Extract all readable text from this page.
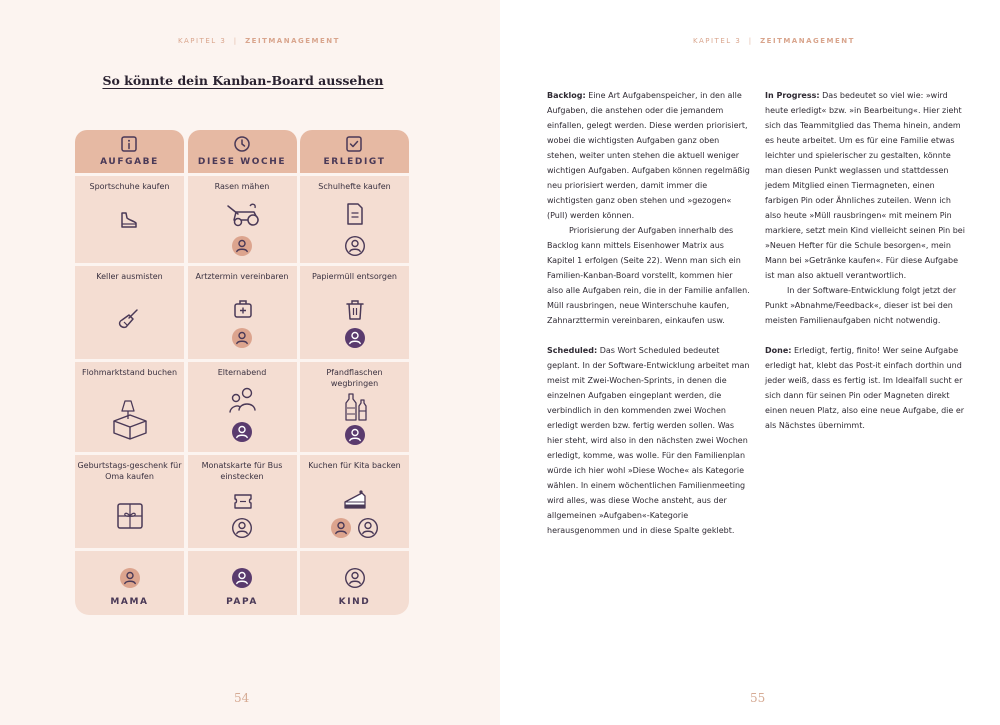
KAPITEL 3  |  ZEITMANAGEMENT
So könnte dein Kanban-Board aussehen
AUFGABE
Sportschuhe kaufen
Keller ausmisten
Flohmarktstand buchen
Geburtstags-geschenk für Oma kaufen
MAMA
DIESE WOCHE
Rasen mähen
Artztermin vereinbaren
Elternabend
Monatskarte für Bus einstecken
PAPA
ERLEDIGT
Schulhefte kaufen
Papiermüll entsorgen
Pfandflaschen wegbringen
Kuchen für Kita backen
KIND
54
KAPITEL 3  |  ZEITMANAGEMENT

Backlog: Eine Art Aufgabenspeicher, in den alle Aufgaben, die anstehen oder die jemandem einfallen, gelegt werden. Diese werden priorisiert, wobei die wichtigsten Aufgaben ganz oben stehen, weiter unten stehen die aktuell weniger wichtigen Aufgaben. Aufgaben können regelmäßig neu priorisiert werden, damit immer die wichtigsten ganz oben stehen und »gezogen« (Pull) werden können.

Priorisierung der Aufgaben innerhalb des Backlog kann mittels Eisenhower Matrix aus Kapitel 1 erfolgen (Seite 22). Wenn man sich ein Familien-Kanban-Board vorstellt, kommen hier also alle Aufgaben rein, die in der Familie anfallen. Müll rausbringen, neue Winterschuhe kaufen, Zahnarzttermin vereinbaren, einkaufen usw.

Scheduled: Das Wort Scheduled bedeutet geplant. In der Software-Entwicklung arbeitet man meist mit Zwei-Wochen-Sprints, in denen die einzelnen Aufgaben eingeplant werden, die verbindlich in den kommenden zwei Wochen erledigt werden bzw. fertig werden sollen. Was hier steht, wird also in den nächsten zwei Wochen erledigt, komme, was wolle. Für den Familienplan würde ich hier wohl »Diese Woche« als Kategorie wählen. In einem wöchentlichen Familienmeeting wird alles, was diese Woche ansteht, aus der allgemeinen »Aufgaben«-Kategorie herausgenommen und in diese Spalte geklebt.

In Progress: Das bedeutet so viel wie: »wird heute erledigt« bzw. »in Bearbeitung«. Hier zieht sich das Teammitglied das Thema hinein, andem es heute arbeitet. Um es für eine Familie etwas leichter und spielerischer zu gestalten, könnte man diesen Punkt weglassen und stattdessen jedem Mitglied einen Tiermagneten, einen farbigen Pin oder Ähnliches zuteilen. Wenn ich also heute »Müll rausbringen« mit meinem Pin markiere, setzt mein Kind vielleicht seinen Pin bei »Neuen Hefter für die Schule besorgen«, mein Mann bei »Getränke kaufen«. Für diese Aufgabe ist man also aktuell verantwortlich.

In der Software-Entwicklung folgt jetzt der Punkt »Abnahme/Feedback«, dieser ist bei den meisten Familienaufgaben nicht notwendig.

Done: Erledigt, fertig, finito! Wer seine Aufgabe erledigt hat, klebt das Post-it einfach dorthin und jeder weiß, dass es fertig ist. Im Idealfall sucht er sich dann für seinen Pin oder Magneten direkt einen neuen Platz, also eine neue Aufgabe, die er als Nächstes übernimmt.

55
